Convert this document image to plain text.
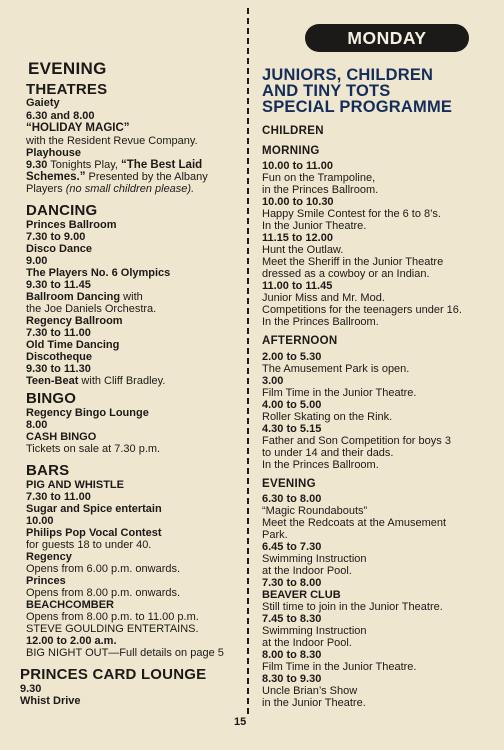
MONDAY
EVENING
THEATRES
Gaiety
6.30 and 8.00
“HOLIDAY MAGIC”
with the Resident Revue Company.
Playhouse
9.30 Tonights Play, “The Best Laid
Schemes.” Presented by the Albany
Players (no small children please).
DANCING
Princes Ballroom
7.30 to 9.00
Disco Dance
9.00
The Players No. 6 Olympics
9.30 to 11.45
Ballroom Dancing with
the Joe Daniels Orchestra.
Regency Ballroom
7.30 to 11.00
Old Time Dancing
Discotheque
9.30 to 11.30
Teen-Beat with Cliff Bradley.
BINGO
Regency Bingo Lounge
8.00
CASH BINGO
Tickets on sale at 7.30 p.m.
BARS
PIG AND WHISTLE
7.30 to 11.00
Sugar and Spice entertain
10.00
Philips Pop Vocal Contest
for guests 18 to under 40.
Regency
Opens from 6.00 p.m. onwards.
Princes
Opens from 8.00 p.m. onwards.
BEACHCOMBER
Opens from 8.00 p.m. to 11.00 p.m.
STEVE GOULDING ENTERTAINS.
12.00 to 2.00 a.m.
BIG NIGHT OUT—Full details on page 5
PRINCES CARD LOUNGE
9.30
Whist Drive
JUNIORS, CHILDREN
AND TINY TOTS
SPECIAL PROGRAMME
CHILDREN
MORNING
10.00 to 11.00
Fun on the Trampoline,
in the Princes Ballroom.
10.00 to 10.30
Happy Smile Contest for the 6 to 8’s.
In the Junior Theatre.
11.15 to 12.00
Hunt the Outlaw.
Meet the Sheriff in the Junior Theatre
dressed as a cowboy or an Indian.
11.00 to 11.45
Junior Miss and Mr. Mod.
Competitions for the teenagers under 16.
In the Princes Ballroom.
AFTERNOON
2.00 to 5.30
The Amusement Park is open.
3.00
Film Time in the Junior Theatre.
4.00 to 5.00
Roller Skating on the Rink.
4.30 to 5.15
Father and Son Competition for boys 3
to under 14 and their dads.
In the Princes Ballroom.
EVENING
6.30 to 8.00
“Magic Roundabouts”
Meet the Redcoats at the Amusement
Park.
6.45 to 7.30
Swimming Instruction
at the Indoor Pool.
7.30 to 8.00
BEAVER CLUB
Still time to join in the Junior Theatre.
7.45 to 8.30
Swimming Instruction
at the Indoor Pool.
8.00 to 8.30
Film Time in the Junior Theatre.
8.30 to 9.30
Uncle Brian’s Show
in the Junior Theatre.
15
